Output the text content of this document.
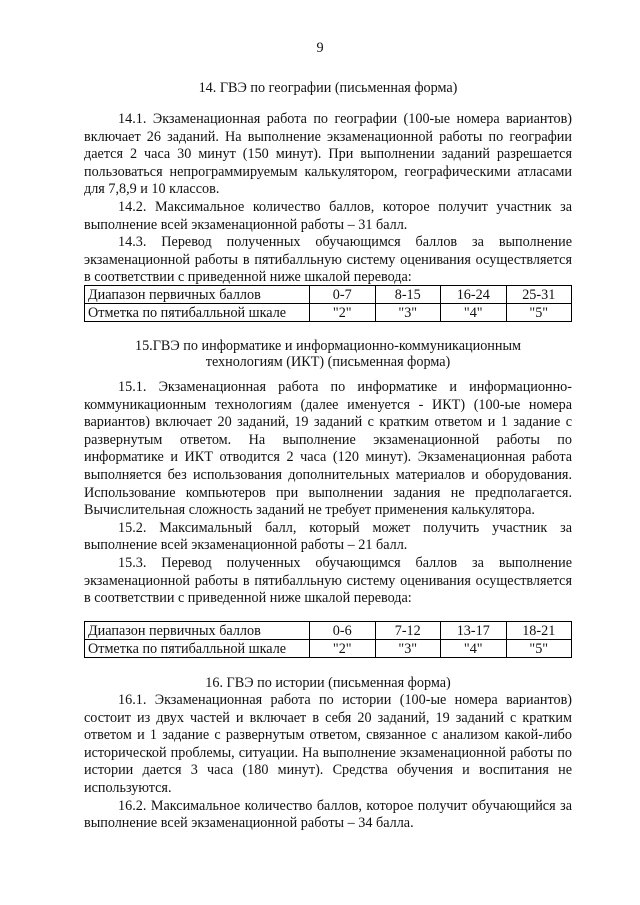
9
14. ГВЭ по географии (письменная форма)
14.1. Экзаменационная работа по географии (100-ые номера вариантов) включает 26 заданий. На выполнение экзаменационной работы по географии дается 2 часа 30 минут (150 минут). При выполнении заданий разрешается пользоваться непрограммируемым калькулятором, географическими атласами для 7,8,9 и 10 классов.
14.2. Максимальное количество баллов, которое получит участник за выполнение всей экзаменационной работы – 31 балл.
14.3. Перевод полученных обучающимся баллов за выполнение экзаменационной работы в пятибалльную систему оценивания осуществляется в соответствии с приведенной ниже шкалой перевода:
Диапазон первичных баллов	0-7	8-15	16-24	25-31
Отметка по пятибалльной шкале	"2"	"3"	"4"	"5"
15.ГВЭ по информатике и информационно-коммуникационным
технологиям (ИКТ) (письменная форма)
15.1. Экзаменационная работа по информатике и информационно-коммуникационным технологиям (далее именуется - ИКТ) (100-ые номера вариантов) включает 20 заданий, 19 заданий с кратким ответом и 1 задание с развернутым ответом. На выполнение экзаменационной работы по информатике и ИКТ отводится 2 часа (120 минут). Экзаменационная работа выполняется без использования дополнительных материалов и оборудования. Использование компьютеров при выполнении задания не предполагается. Вычислительная сложность заданий не требует применения калькулятора.
15.2. Максимальный балл, который может получить участник за выполнение всей экзаменационной работы – 21 балл.
15.3. Перевод полученных обучающимся баллов за выполнение экзаменационной работы в пятибалльную систему оценивания осуществляется в соответствии с приведенной ниже шкалой перевода:
Диапазон первичных баллов	0-6	7-12	13-17	18-21
Отметка по пятибалльной шкале	"2"	"3"	"4"	"5"
16. ГВЭ по истории (письменная форма)
16.1. Экзаменационная работа по истории (100-ые номера вариантов) состоит из двух частей и включает в себя 20 заданий, 19 заданий с кратким ответом и 1 задание с развернутым ответом, связанное с анализом какой-либо исторической проблемы, ситуации. На выполнение экзаменационной работы по истории дается 3 часа (180 минут). Средства обучения и воспитания не используются.
16.2. Максимальное количество баллов, которое получит обучающийся за выполнение всей экзаменационной работы – 34 балла.
